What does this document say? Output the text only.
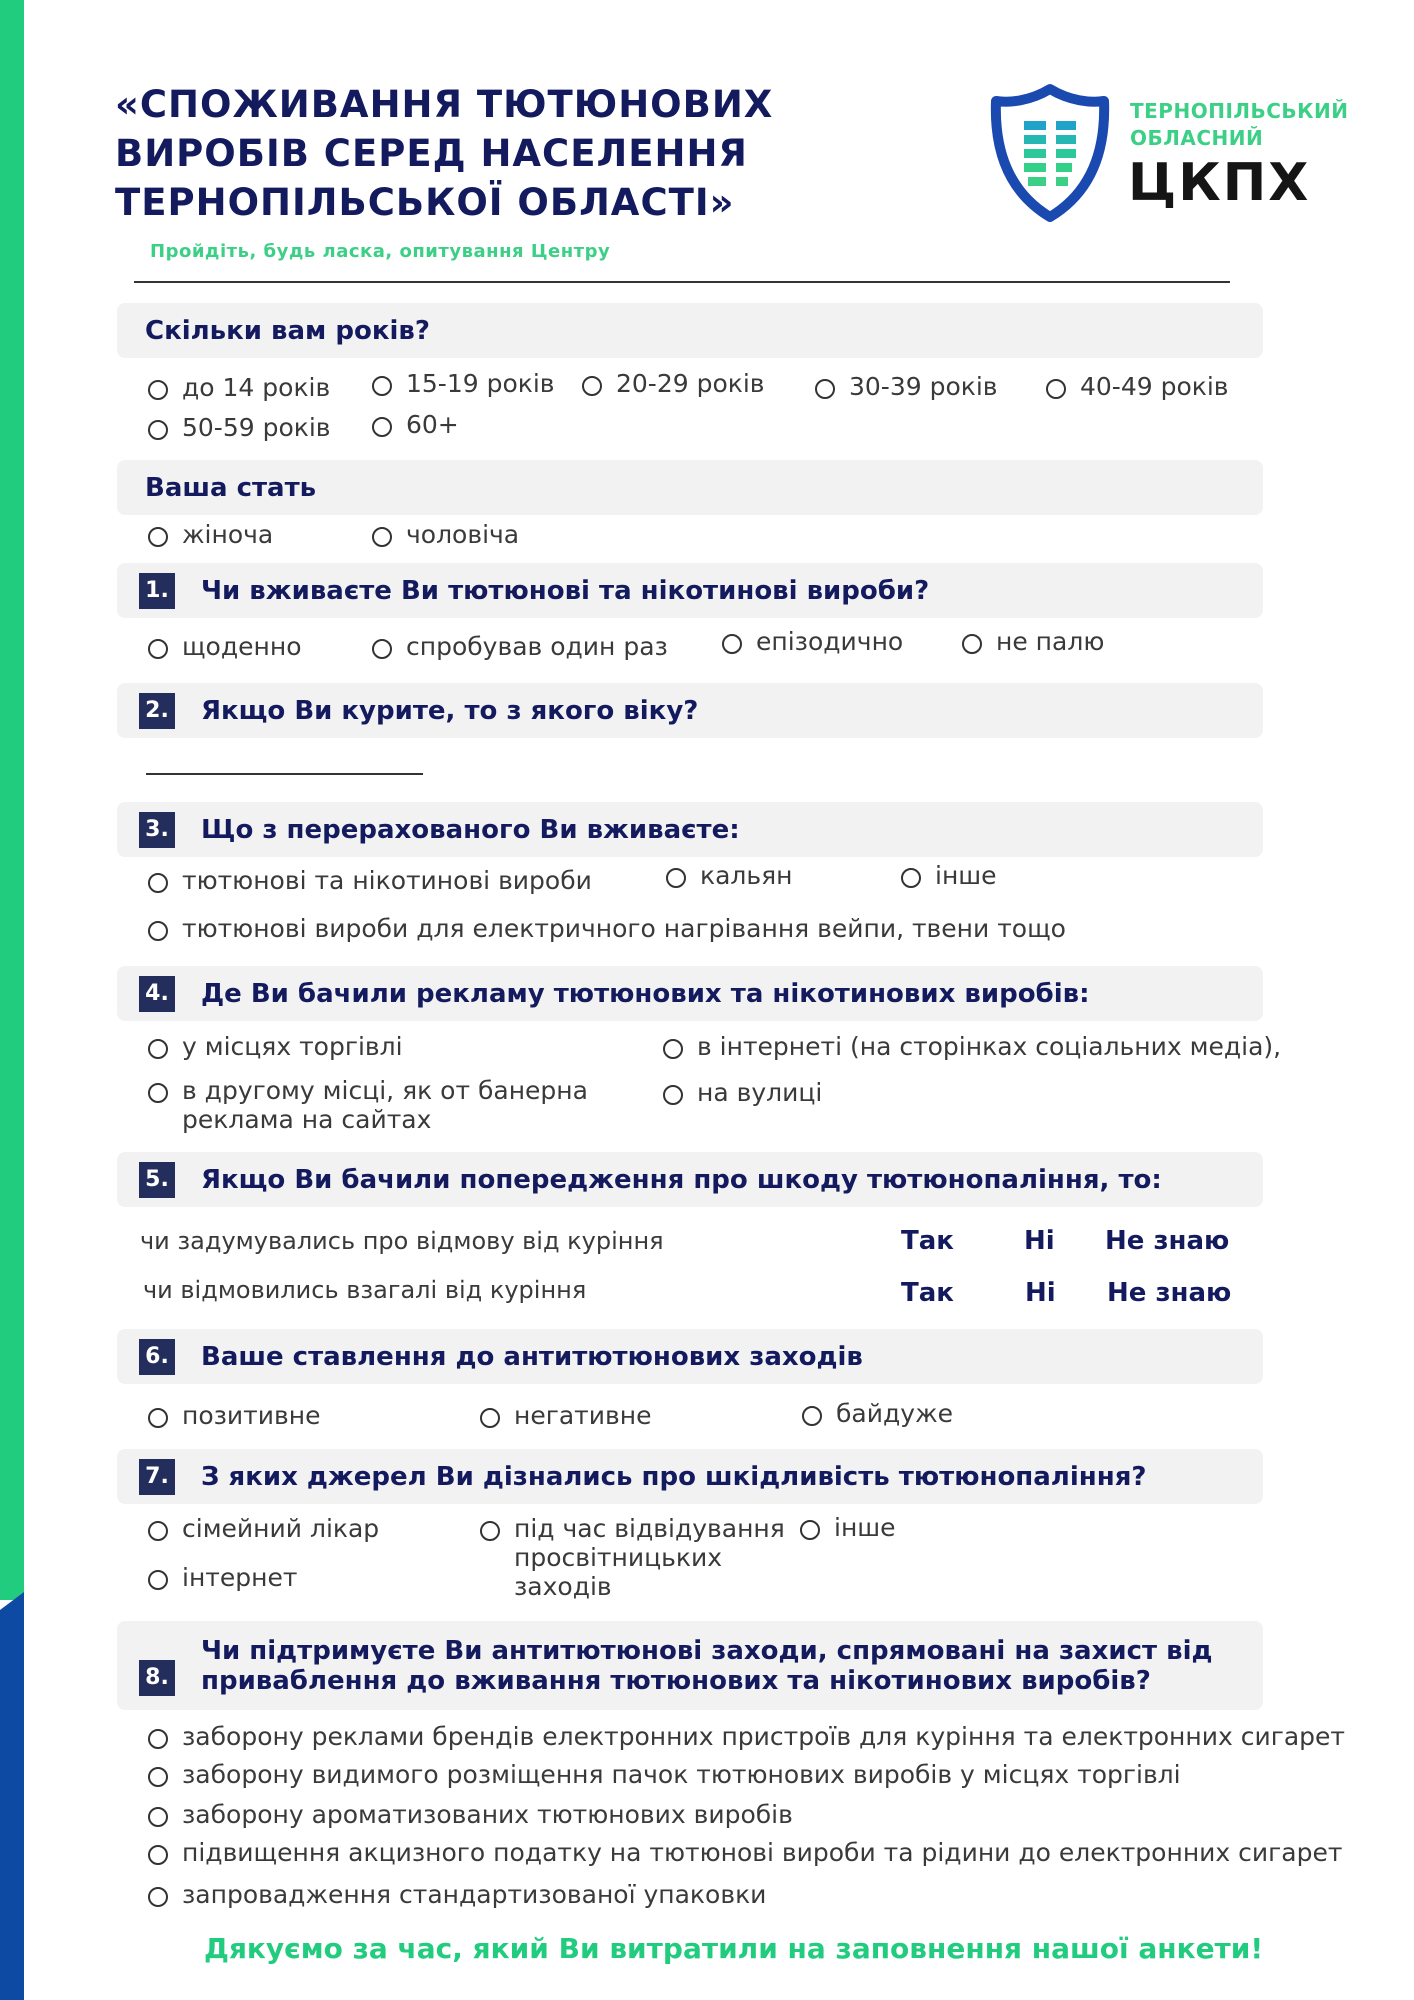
«СПОЖИВАННЯ ТЮТЮНОВИХ
ВИРОБІВ СЕРЕД НАСЕЛЕННЯ
ТЕРНОПІЛЬСЬКОЇ ОБЛАСТІ»
Пройдіть, будь ласка, опитування Центру
ТЕРНОПІЛЬСЬКИЙ
ОБЛАСНИЙ
ЦКПХ
Скільки вам років?
до 14 років	15-19 років 20-29 років	30-39 років	40-49 років
50-59 років	60+
Ваша стать
жіноча	чоловіча
1. Чи вживаєте Ви тютюнові та нікотинові вироби?
щоденно	спробував один раз	епізодично	не палю
2. Якщо Ви курите, то з якого віку?
3. Що з перерахованого Ви вживаєте:
тютюнові та нікотинові вироби	кальян	інше
тютюнові вироби для електричного нагрівання вейпи, твени тощо
4. Де Ви бачили рекламу тютюнових та нікотинових виробів:
у місцях торгівлі	в інтернеті (на сторінках соціальних медіа),
в другому місці, як от банерна реклама на сайтах
на вулиці
5. Якщо Ви бачили попередження про шкоду тютюнопаління, то:
чи задумувались про відмову від куріння	Так	Ні Не знаю
чи відмовились взагалі від куріння	Так	Ні Не знаю
6. Ваше ставлення до антитютюнових заходів
позитивне	негативне	байдуже
7. З яких джерел Ви дізнались про шкідливість тютюнопаління?
сімейний лікар	під час відвідування просвітницьких заходів
інше
інтернет
8.
Чи підтримуєте Ви антитютюнові заходи, спрямовані на захист від
приваблення до вживання тютюнових та нікотинових виробів?
заборону реклами брендів електронних пристроїв для куріння та електронних сигарет
заборону видимого розміщення пачок тютюнових виробів у місцях торгівлі
заборону ароматизованих тютюнових виробів
підвищення акцизного податку на тютюнові вироби та рідини до електронних сигарет
запровадження стандартизованої упаковки
Дякуємо за час, який Ви витратили на заповнення нашої анкети!
